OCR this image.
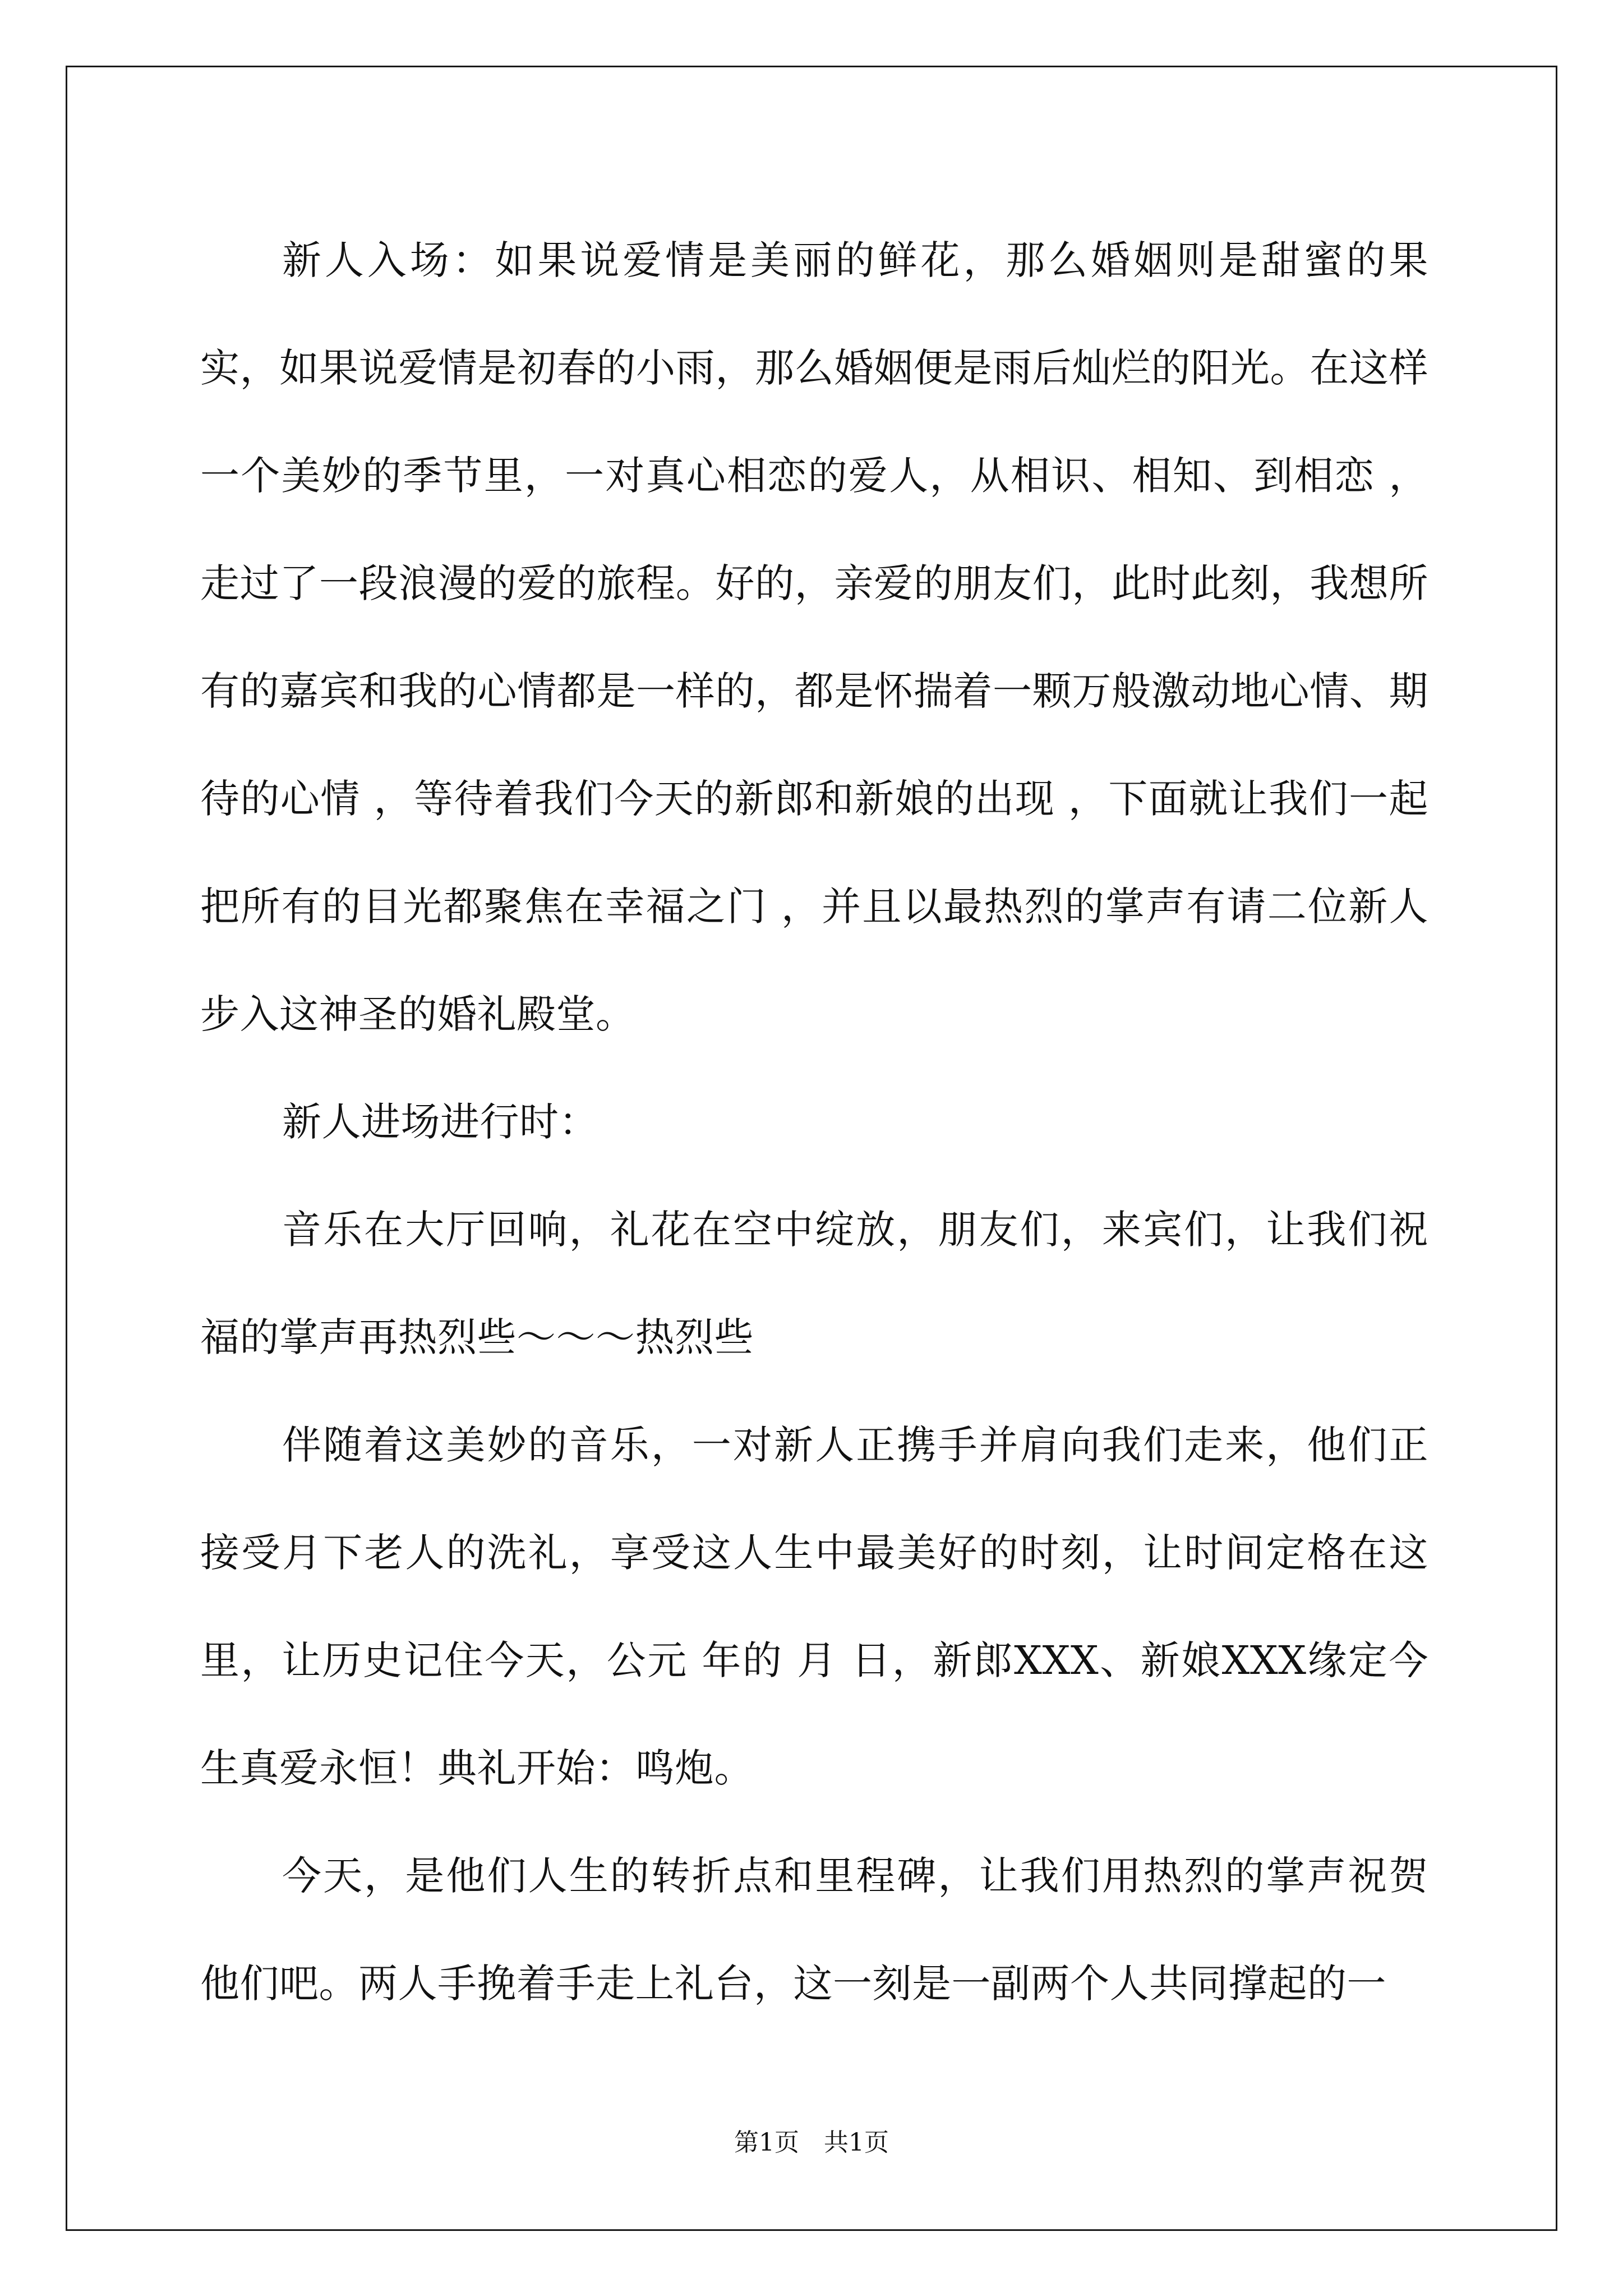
新人入场：如果说爱情是美丽的鲜花，那么婚姻则是甜蜜的果实，如果说爱情是初春的小雨，那么婚姻便是雨后灿烂的阳光。在这样一个美妙的季节里，一对真心相恋的爱人，从相识、相知、到相恋 ，走过了一段浪漫的爱的旅程。好的，亲爱的朋友们，此时此刻，我想所有的嘉宾和我的心情都是一样的，都是怀揣着一颗万般激动地心情、期待的心情 ，等待着我们今天的新郎和新娘的出现 ，下面就让我们一起把所有的目光都聚焦在幸福之门 ，并且以最热烈的掌声有请二位新人步入这神圣的婚礼殿堂。

新人进场进行时：

音乐在大厅回响，礼花在空中绽放，朋友们，来宾们，让我们祝福的掌声再热烈些～～～热烈些

伴随着这美妙的音乐，一对新人正携手并肩向我们走来，他们正接受月下老人的洗礼，享受这人生中最美好的时刻，让时间定格在这里，让历史记住今天，公元 年的 月 日，新郎XXX、新娘XXX缘定今生真爱永恒！典礼开始：鸣炮。

今天，是他们人生的转折点和里程碑，让我们用热烈的掌声祝贺他们吧。两人手挽着手走上礼台，这一刻是一副两个人共同撑起的一

第1页　共1页
